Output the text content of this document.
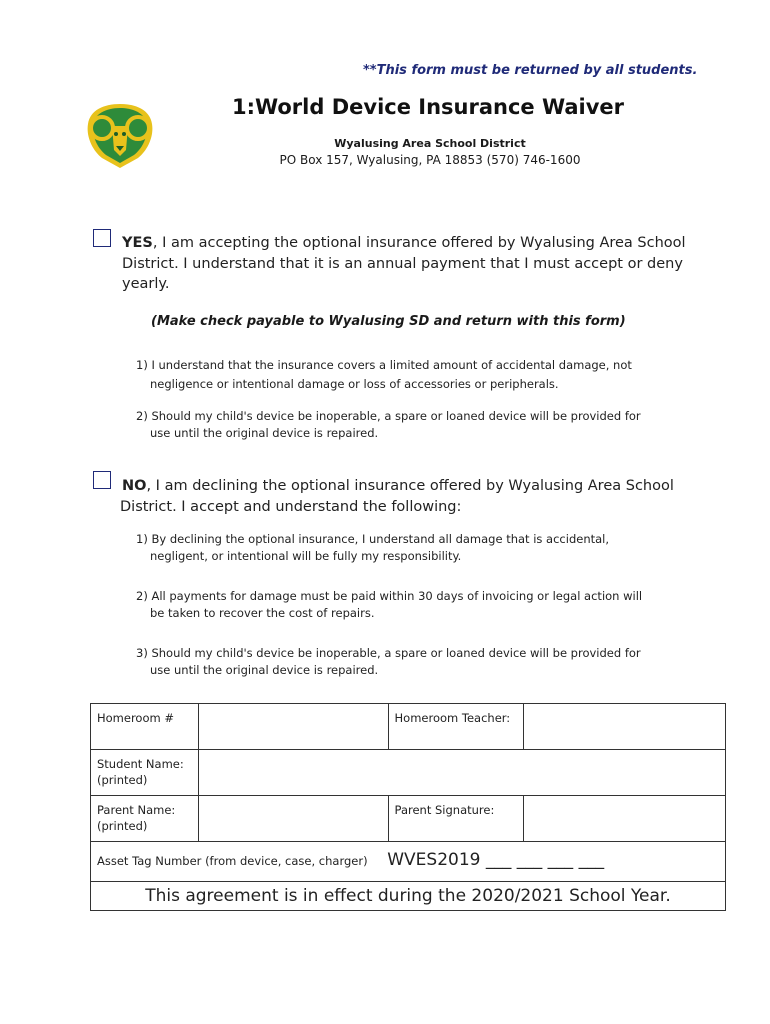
**This form must be returned by all students.
1:World Device Insurance Waiver
Wyalusing Area School District
PO Box 157, Wyalusing, PA 18853 (570) 746-1600
YES, I am accepting the optional insurance offered by Wyalusing Area School District. I understand that it is an annual payment that I must accept or deny yearly.
(Make check payable to Wyalusing SD and return with this form)
1) I understand that the insurance covers a limited amount of accidental damage, not
negligence or intentional damage or loss of accessories or peripherals.
2) Should my child's device be inoperable, a spare or loaned device will be provided for
use until the original device is repaired.
NO, I am declining the optional insurance offered by Wyalusing Area School District. I accept and understand the following:
1) By declining the optional insurance, I understand all damage that is accidental,
negligent, or intentional will be fully my responsibility.
2) All payments for damage must be paid within 30 days of invoicing or legal action will
be taken to recover the cost of repairs.
3) Should my child's device be inoperable, a spare or loaned device will be provided for
use until the original device is repaired.
Homeroom #		Homeroom Teacher:	
Student Name: (printed)			
Parent Name: (printed)		Parent Signature:	
Asset Tag Number (from device, case, charger) WVES2019 ___ ___ ___ ___			
This agreement is in effect during the 2020/2021 School Year.			
